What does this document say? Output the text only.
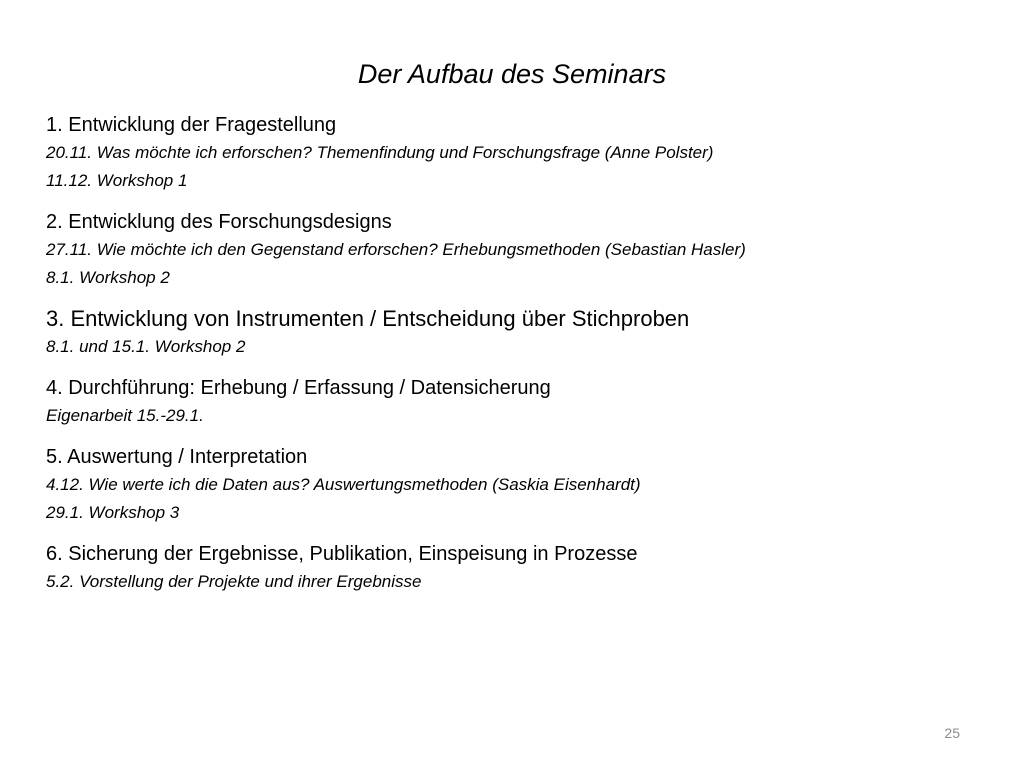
Der Aufbau des Seminars
1. Entwicklung der Fragestellung
20.11. Was möchte ich erforschen? Themenfindung und Forschungsfrage (Anne Polster)
11.12. Workshop 1
2. Entwicklung des Forschungsdesigns
27.11. Wie möchte ich den Gegenstand erforschen? Erhebungsmethoden (Sebastian Hasler)
8.1. Workshop 2
3. Entwicklung von Instrumenten / Entscheidung über Stichproben
8.1. und 15.1. Workshop 2
4. Durchführung: Erhebung / Erfassung / Datensicherung
Eigenarbeit 15.-29.1.
5. Auswertung / Interpretation
4.12. Wie werte ich die Daten aus? Auswertungsmethoden (Saskia Eisenhardt)
29.1. Workshop 3
6. Sicherung der Ergebnisse, Publikation, Einspeisung in Prozesse
5.2. Vorstellung der Projekte und ihrer Ergebnisse
25
